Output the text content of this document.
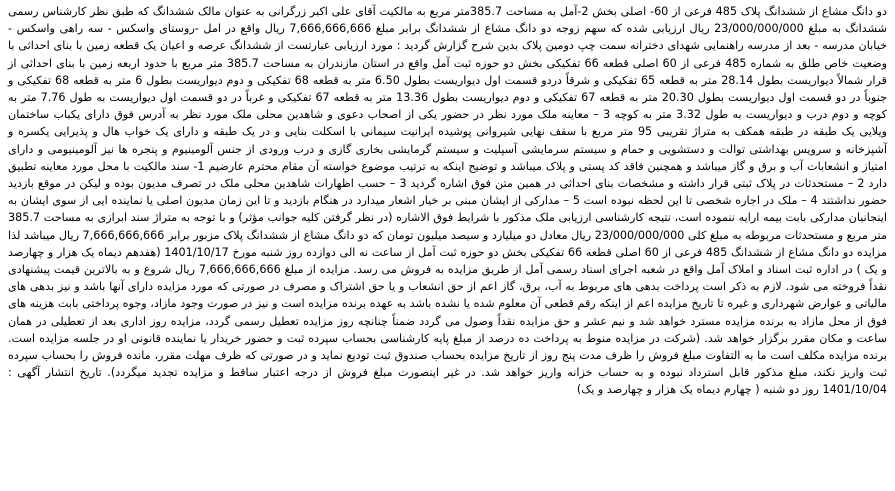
دو دانگ مشاع از ششدانگ پلاک 485 فرعی از 60- اصلی بخش 2-آمل به مساحت 385.7متر مربع به مالکیت آقای علی اکبر زرگرانی به عنوان مالک ششدانگ که طبق نظر کارشناس رسمی ششدانگ به مبلغ 23/000/000/000 ریال ارزیابی شده که سهم زوجه دو دانگ مشاع از ششدانگ برابر مبلغ 7,666,666,666 ریال واقع در امل -روستای واسکس - سه راهی واسکس - خیابان مدرسه - بعد از مدرسه راهنمایی شهدای دخترانه سمت چپ دومین پلاک بدین شرح گزارش گردید : مورد ارزیابی عبارتست از ششدانگ عرصه و اعیان یک قطعه زمین با بنای احداثی با وضعیت خاص طلق به شماره 485 فرعی از 60 اصلی قطعه 66 تفکیکی بخش دو حوزه ثبت آمل واقع در استان مازندران به مساحت 385.7 متر مربع با حدود اربعه زمین با بنای احداثی از قرار شمالاً دیواریست بطول 28.14 متر به قطعه 65 تفکیکی و شرقاً دردو قسمت اول دیواریست بطول 6.50 متر به قطعه 68 تفکیکی و دوم دیواریست بطول 6 متر به قطعه 68 تفکیکی و جنوباً در دو قسمت اول دیواریست بطول 20.30 متر به قطعه 67 تفکیکی و دوم دیواریست بطول 13.36 متر به قطعه 67 تفکیکی و غرباً در دو قسمت اول دیواریست به طول 7.76 متر به کوچه و دوم درب و دیواریست به طول 3.32 متر به کوچه 3 – معاینه ملک مورد نظر در حضور یکی از اصحاب دعوی و شاهدین محلی ملک مورد نظر به آدرس فوق دارای یکباب ساختمان ویلایی یک طبقه در طبقه همکف به متراژ تقریبی 95 متر مربع با سقف نهایی شیروانی پوشیده ایرانیت سیمانی با اسکلت بنایی و در یک طبقه و دارای یک خواب هال و پذیرایی یکسره و آشپزخانه و سرویس بهداشتی توالت و دستشویی و حمام و سیستم سرمایشی آسپلیت و سیستم گرمایشی بخاری گازی و درب ورودی از جنس آلومینیوم و پنجره ها نیز آلومینیومی و دارای امتیاز و انشعابات آب و برق و گاز میباشد و همچنین فاقد کد پستی و پلاک میباشد و توضیح اینکه به ترتیب موضوع خواسته آن مقام محترم عارضیم 1- سند مالکیت با محل مورد معاینه تطبیق دارد 2 – مستحدثات در پلاک ثبتی قرار داشته و مشخصات بنای احداثی در همین متن فوق اشاره گردید 3 – حسب اظهارات شاهدین محلی ملک در تصرف مدیون بوده و لیکن در موقع بازدید حضور نداشتند 4 – ملک در اجاره شخصی تا این لحظه نبوده است 5 – مدارکی از ایشان مبنی بر خیار اشعار میدارد در هنگام بازدید و تا این زمان مدیون اصلی یا نماینده ایی از سوی ایشان به اینجانبان مدارکی بابت بیمه ارایه ننموده است، نتیجه کارشناسی ارزیابی ملک مذکور با شرایط فوق الاشاره (در نظر گرفتن کلیه جوانب مؤثر) و با توجه به متراژ سند ابرازی به مساحت 385.7 متر مربع و مستحدثات مربوطه به مبلغ کلی 23/000/000/000 ریال معادل دو میلیارد و سیصد میلیون تومان که دو دانگ مشاع از ششدانگ پلاک مزبور برابر 7,666,666,666 ریال میباشد لذا مزایده دو دانگ مشاع از ششدانگ 485 فرعی از 60 اصلی قطعه 66 تفکیکی بخش دو حوزه ثبت آمل از ساعت نه الی دوازده روز شنبه مورخ 1401/10/17 (هفدهم دیماه یک هزار و چهارصد و یک ) در اداره ثبت اسناد و املاک آمل واقع در شعبه اجرای اسناد رسمی آمل از طریق مزایده به فروش می رسد. مزایده از مبلغ 7,666,666,666 ریال شروع و به بالاترین قیمت پیشنهادی نقداً فروخته می شود. لازم به ذکر است پرداخت بدهی های مربوط به آب، برق، گاز اعم از حق انشعاب و یا حق اشتراک و مصرف در صورتی که مورد مزایده دارای آنها باشد و نیز بدهی های مالیاتی و عوارض شهرداری و غیره تا تاریخ مزایده اعم از اینکه رقم قطعی آن معلوم شده یا نشده باشد به عهده برنده مزایده است و نیز در صورت وجود مازاد، وجوه پرداختی بابت هزینه های فوق از محل مازاد به برنده مزایده مسترد خواهد شد و نیم عشر و حق مزایده نقداً وصول می گردد ضمناً چنانچه روز مزایده تعطیل رسمی گردد، مزایده روز اداری بعد از تعطیلی در همان ساعت و مکان مقرر برگزار خواهد شد. (شرکت در مزایده منوط به پرداخت ده درصد از مبلغ پایه کارشناسی بحساب سپرده ثبت و حضور خریدار یا نماینده قانونی او در جلسه مزایده است. برنده مزایده مکلف است ما به التفاوت مبلغ فروش را ظرف مدت پنج روز از تاریخ مزایده بحساب صندوق ثبت تودیع نماید و در صورتی که ظرف مهلت مقرر، مانده فروش را بحساب سپرده ثبت واریز نکند، مبلغ مذکور قابل استرداد نبوده و به حساب خزانه واریز خواهد شد. در غیر اینصورت مبلغ فروش از درجه اعتبار ساقط و مزایده تجدید میگردد). تاریخ انتشار آگهی : 1401/10/04 روز دو شنبه ( چهارم دیماه یک هزار و چهارصد و یک)
